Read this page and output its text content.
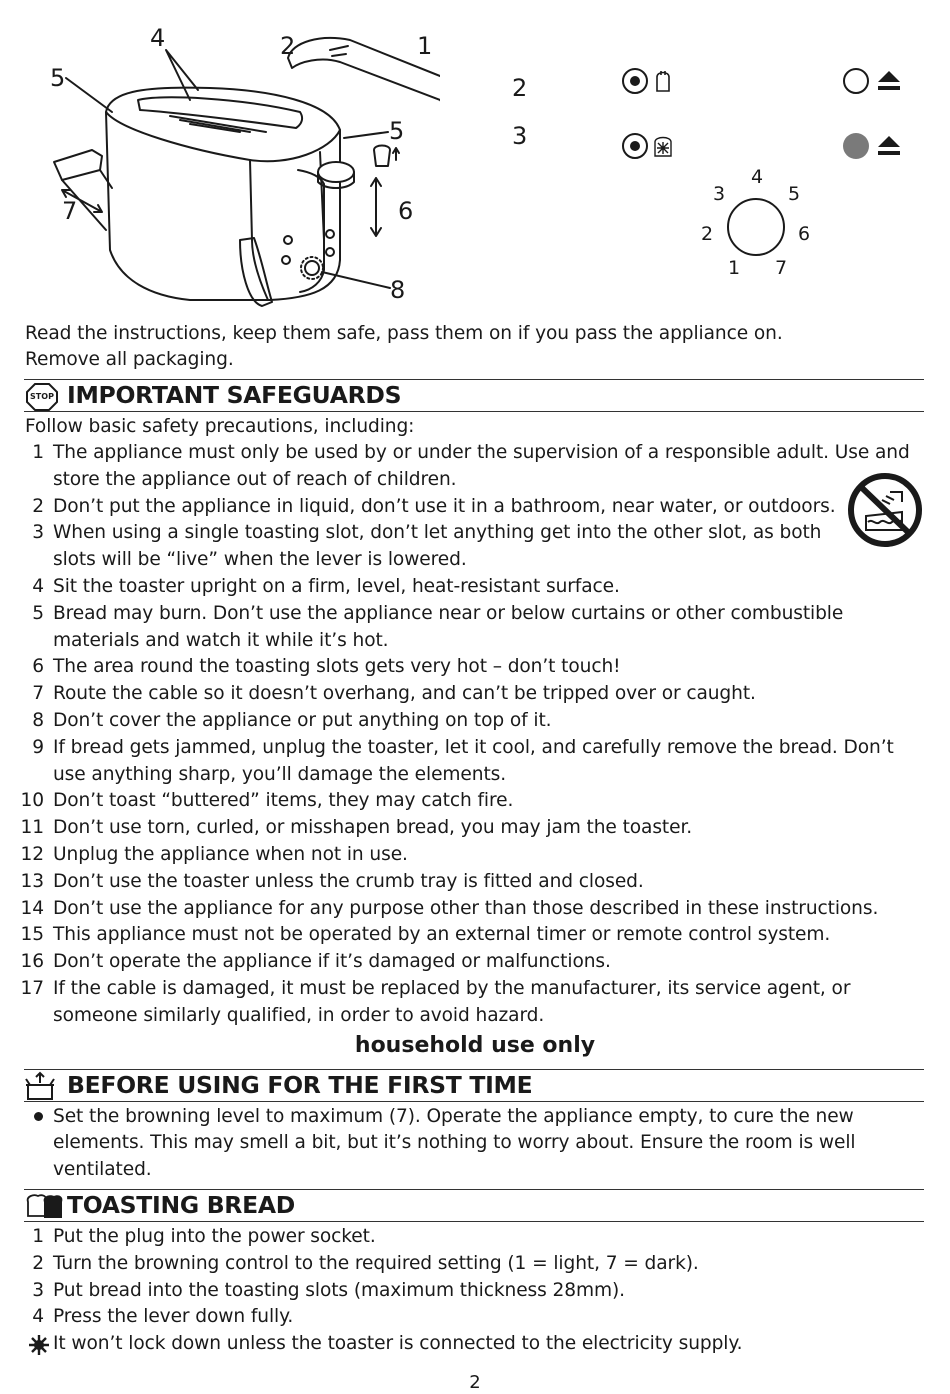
4	2	1
2
3
5
5
6
7
8
1
2
3
4
5
6
7
Read the instructions, keep them safe, pass them on if you pass the appliance on.
Remove all packaging.
STOP IMPORTANT SAFEGUARDS
Follow basic safety precautions, including:
1 The appliance must only be used by or under the supervision of a responsible adult. Use and
store the appliance out of reach of children.
2 Don’t put the appliance in liquid, don’t use it in a bathroom, near water, or outdoors.
3 When using a single toasting slot, don’t let anything get into the other slot, as both
slots will be “live” when the lever is lowered.
4 Sit the toaster upright on a firm, level, heat-resistant surface.
5 Bread may burn. Don’t use the appliance near or below curtains or other combustible
materials and watch it while it’s hot.
6 The area round the toasting slots gets very hot – don’t touch!
7 Route the cable so it doesn’t overhang, and can’t be tripped over or caught.
8 Don’t cover the appliance or put anything on top of it.
9 If bread gets jammed, unplug the toaster, let it cool, and carefully remove the bread. Don’t
use anything sharp, you’ll damage the elements.
10 Don’t toast “buttered” items, they may catch fire.
11 Don’t use torn, curled, or misshapen bread, you may jam the toaster.
12 Unplug the appliance when not in use.
13 Don’t use the toaster unless the crumb tray is fitted and closed.
14 Don’t use the appliance for any purpose other than those described in these instructions.
15 This appliance must not be operated by an external timer or remote control system.
16 Don’t operate the appliance if it’s damaged or malfunctions.
17 If the cable is damaged, it must be replaced by the manufacturer, its service agent, or
someone similarly qualified, in order to avoid hazard.
household use only
BEFORE USING FOR THE FIRST TIME
Set the browning level to maximum (7). Operate the appliance empty, to cure the new
elements. This may smell a bit, but it’s nothing to worry about. Ensure the room is well
ventilated.
TOASTING BREAD
1 Put the plug into the power socket.
2 Turn the browning control to the required setting (1 = light, 7 = dark).
3 Put bread into the toasting slots (maximum thickness 28mm).
4 Press the lever down fully.
It won’t lock down unless the toaster is connected to the electricity supply.
2
